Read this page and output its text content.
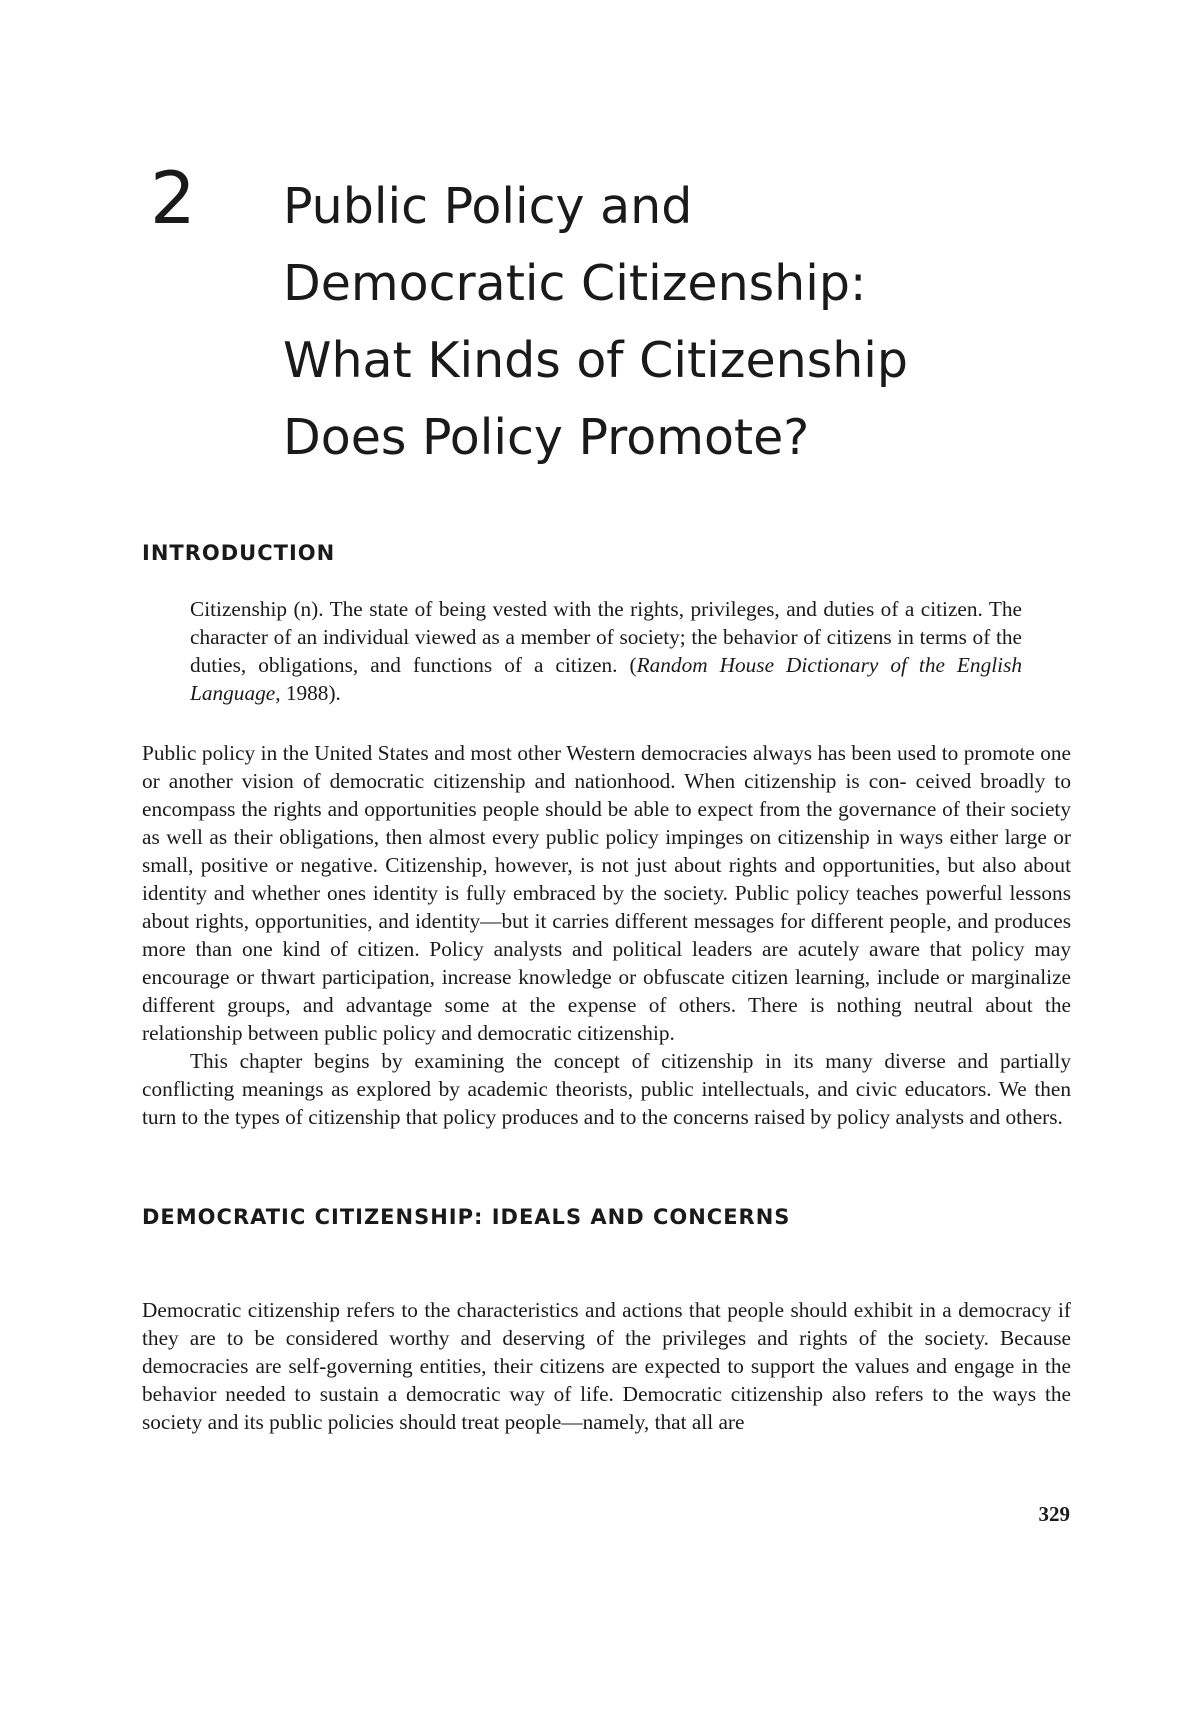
2 Public Policy and
Democratic Citizenship:
What Kinds of Citizenship
Does Policy Promote?
INTRODUCTION

Citizenship (n). The state of being vested with the rights, privileges, and duties of a citizen. The character of an individual viewed as a member of society; the behavior of citizens in terms of the duties, obligations, and functions of a citizen. (Random House Dictionary of the English Language, 1988).

Public policy in the United States and most other Western democracies always has been used to promote one or another vision of democratic citizenship and nationhood. When citizenship is con- ceived broadly to encompass the rights and opportunities people should be able to expect from the governance of their society as well as their obligations, then almost every public policy impinges on citizenship in ways either large or small, positive or negative. Citizenship, however, is not just about rights and opportunities, but also about identity and whether ones identity is fully embraced by the society. Public policy teaches powerful lessons about rights, opportunities, and identity—but it carries different messages for different people, and produces more than one kind of citizen. Policy analysts and political leaders are acutely aware that policy may encourage or thwart participation, increase knowledge or obfuscate citizen learning, include or marginalize different groups, and advantage some at the expense of others. There is nothing neutral about the relationship between public policy and democratic citizenship.

This chapter begins by examining the concept of citizenship in its many diverse and partially conflicting meanings as explored by academic theorists, public intellectuals, and civic educators. We then turn to the types of citizenship that policy produces and to the concerns raised by policy analysts and others.

DEMOCRATIC CITIZENSHIP: IDEALS AND CONCERNS

Democratic citizenship refers to the characteristics and actions that people should exhibit in a democracy if they are to be considered worthy and deserving of the privileges and rights of the society. Because democracies are self-governing entities, their citizens are expected to support the values and engage in the behavior needed to sustain a democratic way of life. Democratic citizenship also refers to the ways the society and its public policies should treat people—namely, that all are

329
